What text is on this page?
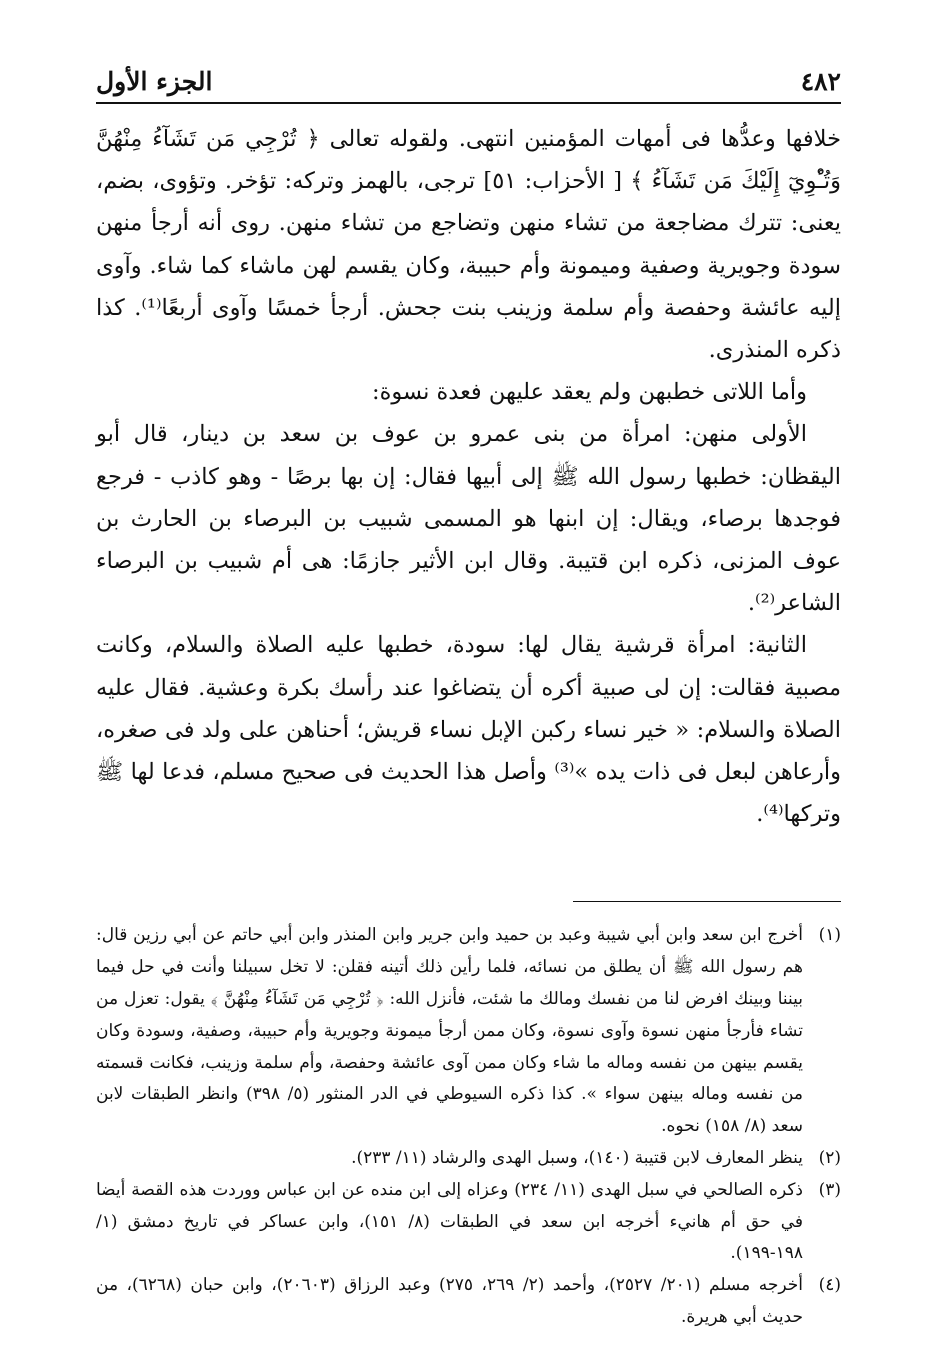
٤٨٢
الجزء الأول

خلافها وعدُّها فى أمهات المؤمنين انتهى. ولقوله تعالى ﴿ تُرْجِي مَن تَشَآءُ مِنْهُنَّ وَتُـْٔوِيٓ إِلَيْكَ مَن تَشَآءُ ﴾ [ الأحزاب: ٥١] ترجى، بالهمز وتركه: تؤخر. وتؤوى، بضم، يعنى: تترك مضاجعة من تشاء منهن وتضاجع من تشاء منهن. روى أنه أرجأ منهن سودة وجويرية وصفية وميمونة وأم حبيبة، وكان يقسم لهن ماشاء كما شاء. وآوى إليه عائشة وحفصة وأم سلمة وزينب بنت جحش. أرجأ خمسًا وآوى أربعًا⁽¹⁾. كذا ذكره المنذرى.

وأما اللاتى خطبهن ولم يعقد عليهن فعدة نسوة:

الأولى منهن: امرأة من بنى عمرو بن عوف بن سعد بن دينار، قال أبو اليقظان: خطبها رسول الله ﷺ إلى أبيها فقال: إن بها برصًا - وهو كاذب - فرجع فوجدها برصاء، ويقال: إن ابنها هو المسمى شبيب بن البرصاء بن الحارث بن عوف المزنى، ذكره ابن قتيبة. وقال ابن الأثير جازمًا: هى أم شبيب بن البرصاء الشاعر⁽²⁾.

الثانية: امرأة قرشية يقال لها: سودة، خطبها عليه الصلاة والسلام، وكانت مصبية فقالت: إن لى صبية أكره أن يتضاغوا عند رأسك بكرة وعشية. فقال عليه الصلاة والسلام: « خير نساء ركبن الإبل نساء قريش؛ أحناهن على ولد فى صغره، وأرعاهن لبعل فى ذات يده »⁽³⁾ وأصل هذا الحديث فى صحيح مسلم، فدعا لها ﷺ وتركها⁽⁴⁾.

(١)
أخرج ابن سعد وابن أبي شيبة وعبد بن حميد وابن جرير وابن المنذر وابن أبي حاتم عن أبي رزين قال: هم رسول الله ﷺ أن يطلق من نسائه، فلما رأين ذلك أتينه فقلن: لا تخل سبيلنا وأنت في حل فيما بيننا وبينك افرض لنا من نفسك ومالك ما شئت، فأنزل الله: ﴿ تُرْجِي مَن تَشَآءُ مِنْهُنَّ ﴾ يقول: تعزل من تشاء فأرجأ منهن نسوة وآوى نسوة، وكان ممن أرجأ ميمونة وجويرية وأم حبيبة، وصفية، وسودة وكان يقسم بينهن من نفسه وماله ما شاء وكان ممن آوى عائشة وحفصة، وأم سلمة وزينب، فكانت قسمته من نفسه وماله بينهن سواء ». كذا ذكره السيوطي في الدر المنثور (٥/ ٣٩٨) وانظر الطبقات لابن سعد (٨/ ١٥٨) نحوه.
(٢)
ينظر المعارف لابن قتيبة (١٤٠)، وسبل الهدى والرشاد (١١/ ٢٣٣).
(٣)
ذكره الصالحي في سبل الهدى (١١/ ٢٣٤) وعزاه إلى ابن منده عن ابن عباس ووردت هذه القصة أيضا في حق أم هانيء أخرجه ابن سعد في الطبقات (٨/ ١٥١)، وابن عساكر في تاريخ دمشق (١/ ١٩٨-١٩٩).
(٤)
أخرجه مسلم (٢٠١/ ٢٥٢٧)، وأحمد (٢/ ٢٦٩، ٢٧٥) وعبد الرزاق (٢٠٦٠٣)، وابن حبان (٦٢٦٨)، من حديث أبي هريرة.
